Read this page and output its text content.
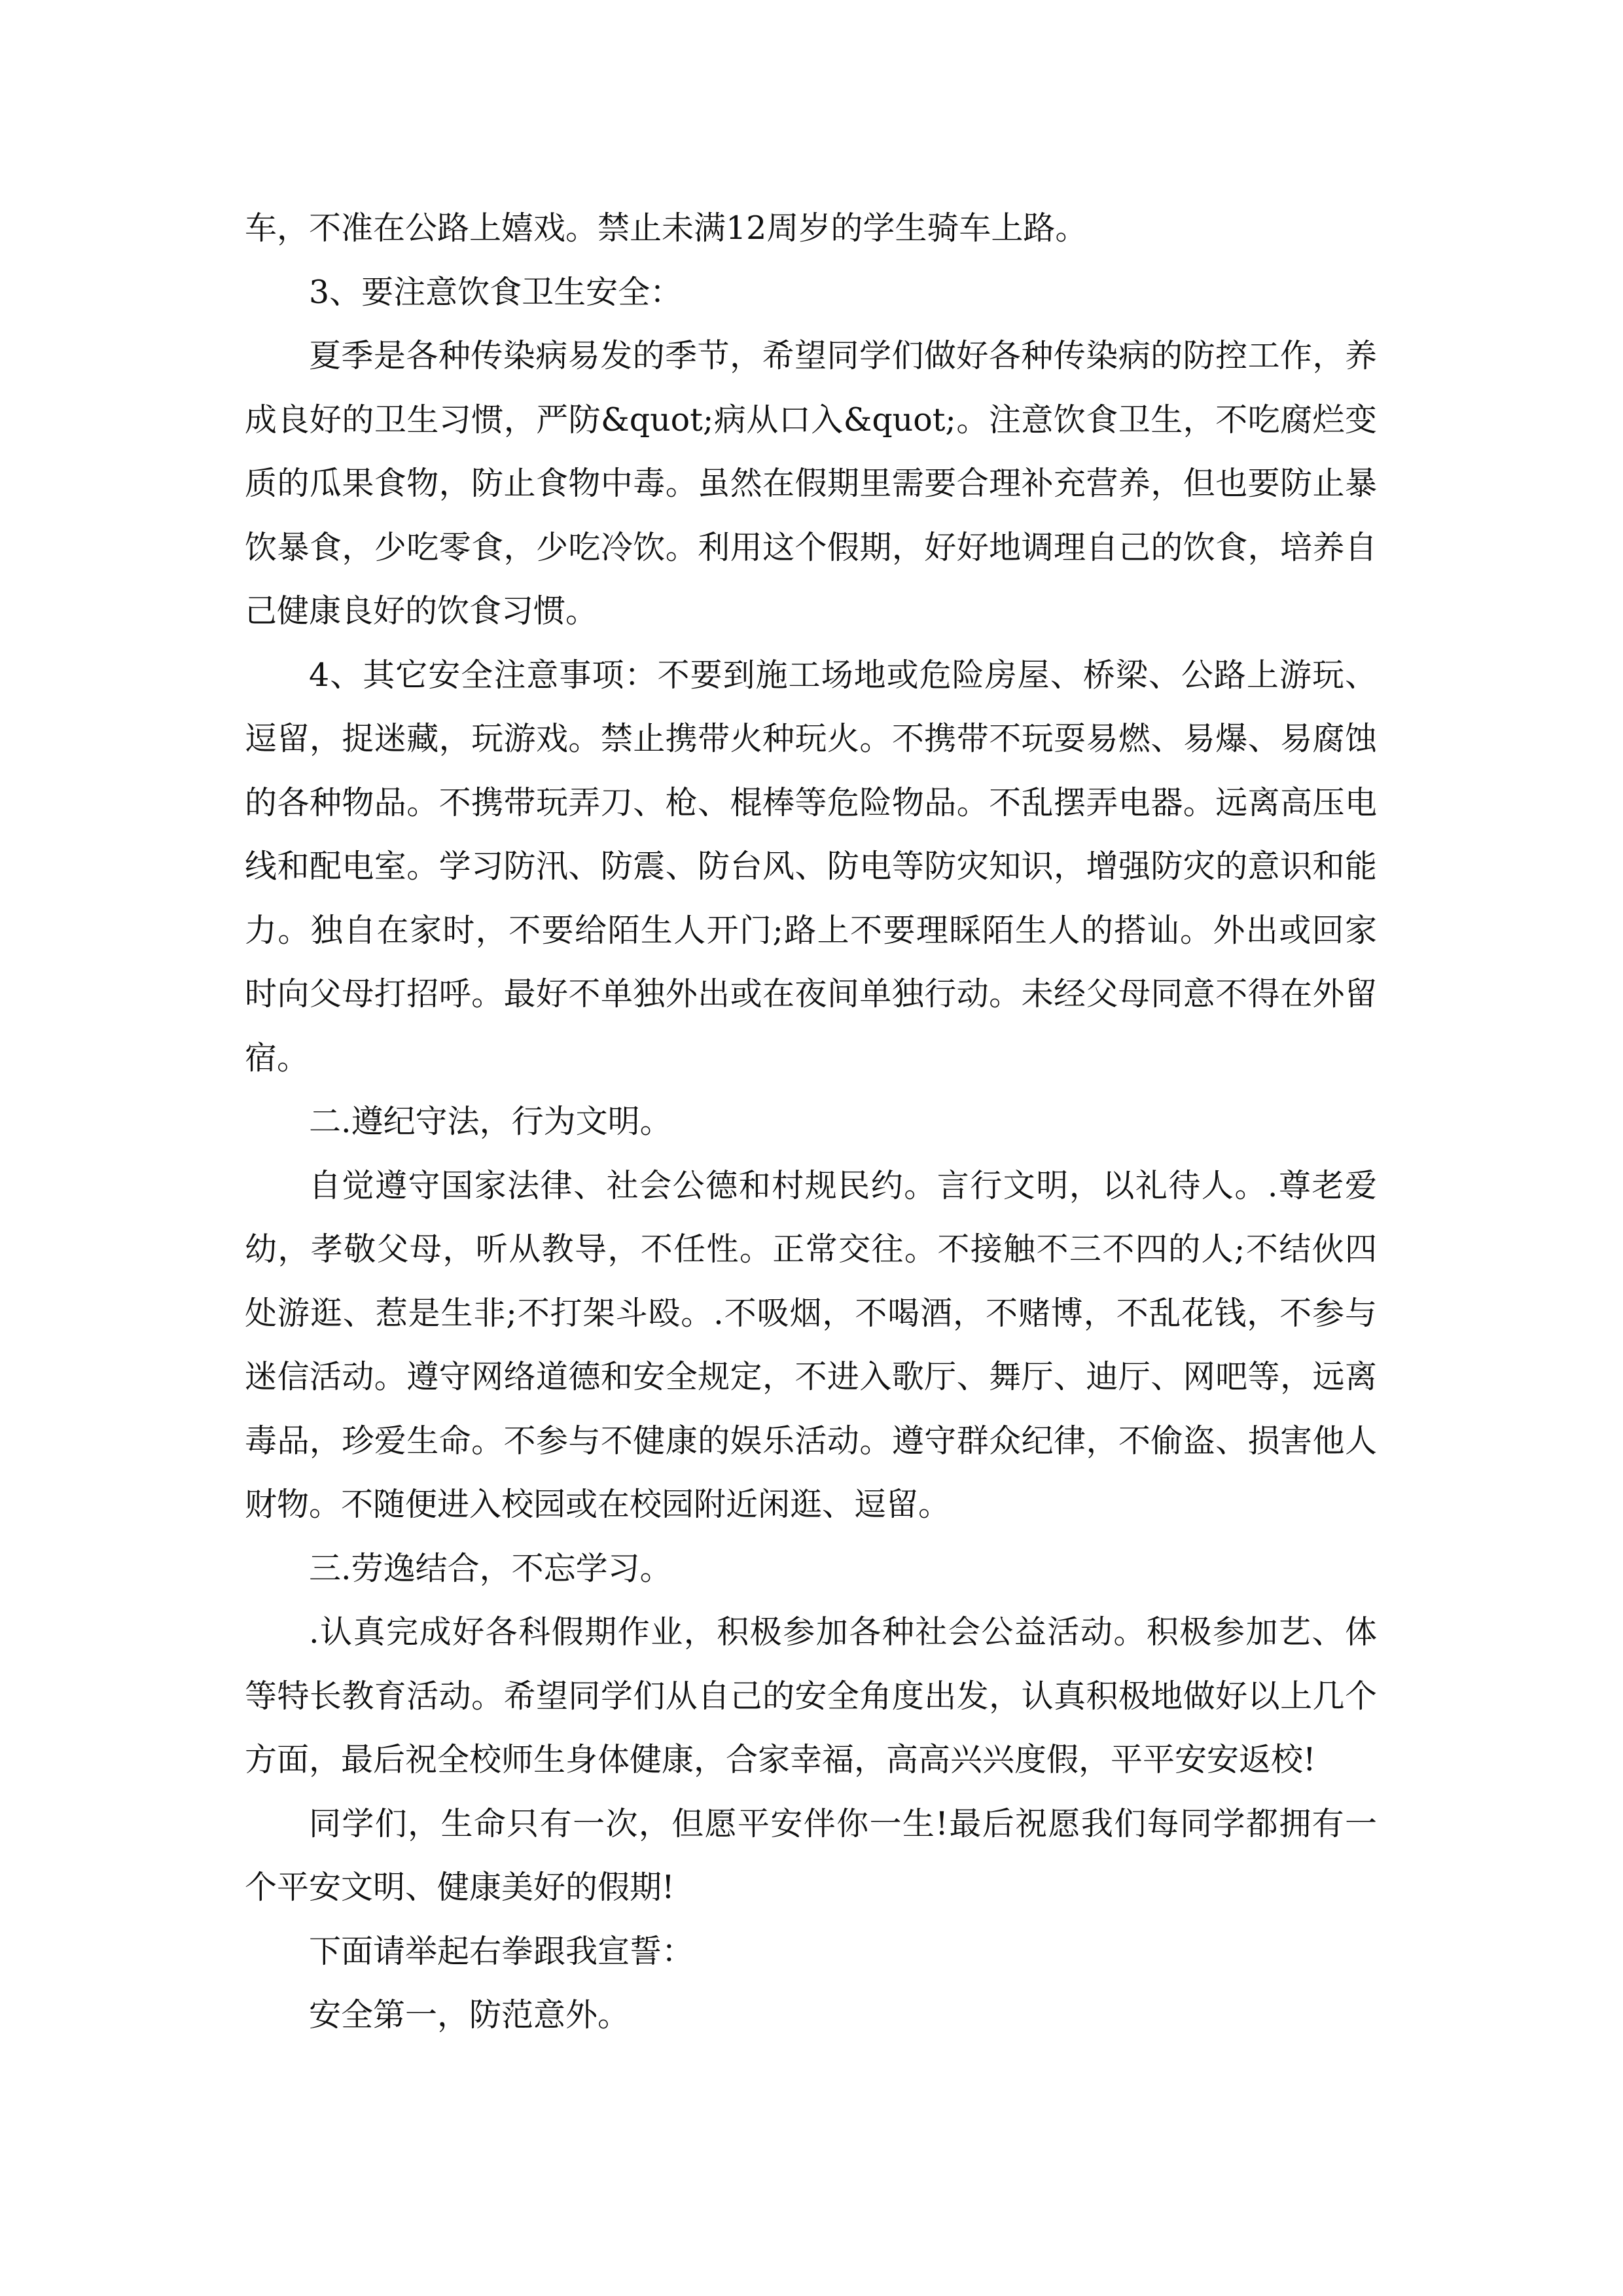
车，不准在公路上嬉戏。禁止未满12周岁的学生骑车上路。

3、要注意饮食卫生安全：

夏季是各种传染病易发的季节，希望同学们做好各种传染病的防控工作，养成良好的卫生习惯，严防&quot;病从口入&quot;。注意饮食卫生，不吃腐烂变质的瓜果食物，防止食物中毒。虽然在假期里需要合理补充营养，但也要防止暴饮暴食，少吃零食，少吃冷饮。利用这个假期，好好地调理自己的饮食，培养自己健康良好的饮食习惯。

4、其它安全注意事项：不要到施工场地或危险房屋、桥梁、公路上游玩、逗留，捉迷藏，玩游戏。禁止携带火种玩火。不携带不玩耍易燃、易爆、易腐蚀的各种物品。不携带玩弄刀、枪、棍棒等危险物品。不乱摆弄电器。远离高压电线和配电室。学习防汛、防震、防台风、防电等防灾知识，增强防灾的意识和能力。独自在家时，不要给陌生人开门;路上不要理睬陌生人的搭讪。外出或回家时向父母打招呼。最好不单独外出或在夜间单独行动。未经父母同意不得在外留宿。

二.遵纪守法，行为文明。

自觉遵守国家法律、社会公德和村规民约。言行文明，以礼待人。.尊老爱幼，孝敬父母，听从教导，不任性。正常交往。不接触不三不四的人;不结伙四处游逛、惹是生非;不打架斗殴。.不吸烟，不喝酒，不赌博，不乱花钱，不参与迷信活动。遵守网络道德和安全规定，不进入歌厅、舞厅、迪厅、网吧等，远离毒品，珍爱生命。不参与不健康的娱乐活动。遵守群众纪律，不偷盗、损害他人财物。不随便进入校园或在校园附近闲逛、逗留。

三.劳逸结合，不忘学习。

.认真完成好各科假期作业，积极参加各种社会公益活动。积极参加艺、体等特长教育活动。希望同学们从自己的安全角度出发，认真积极地做好以上几个方面，最后祝全校师生身体健康，合家幸福，高高兴兴度假，平平安安返校!

同学们，生命只有一次，但愿平安伴你一生!最后祝愿我们每同学都拥有一个平安文明、健康美好的假期!

下面请举起右拳跟我宣誓：

安全第一，防范意外。
